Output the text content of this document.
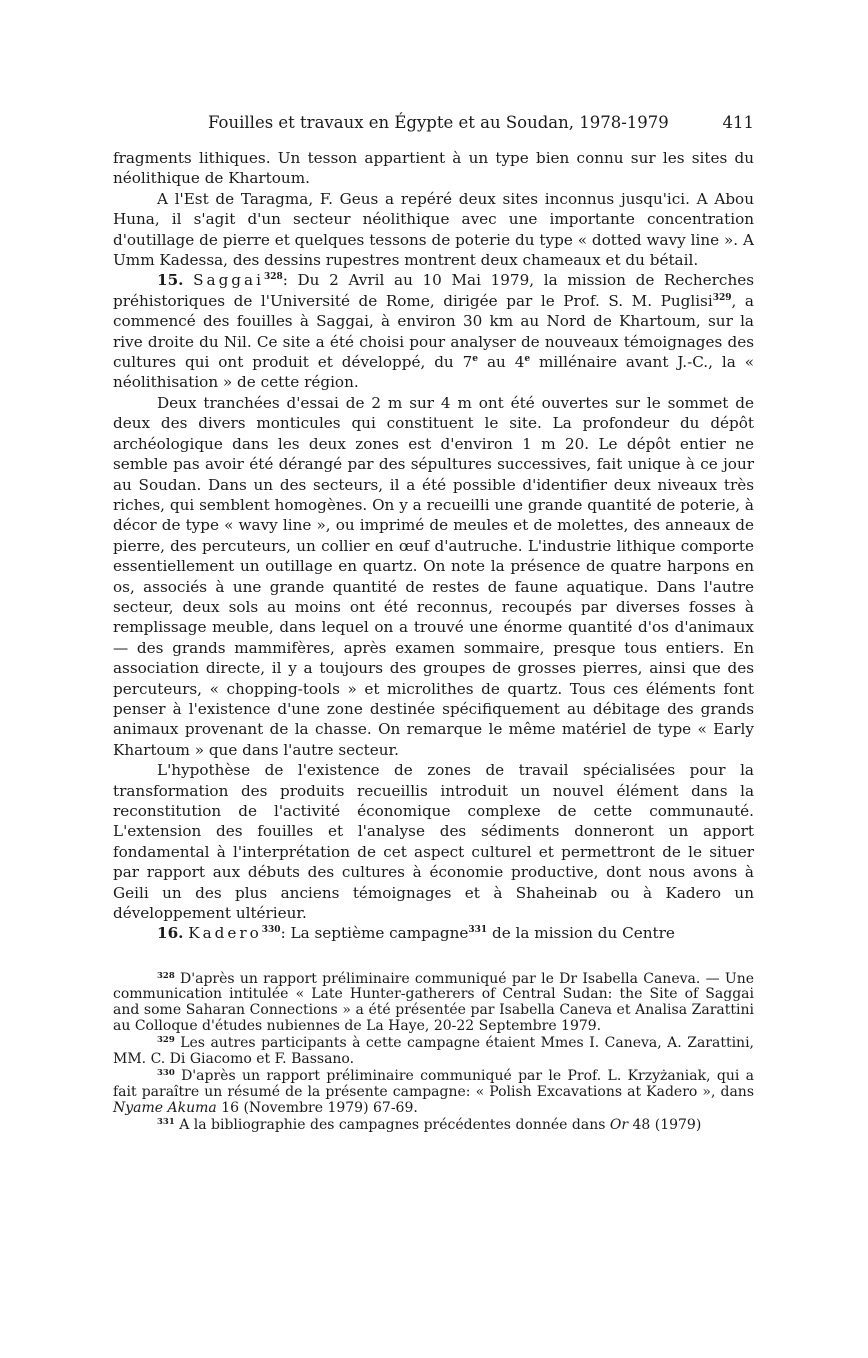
Fouilles et travaux en Égypte et au Soudan, 1978-1979	411

fragments lithiques. Un tesson appartient à un type bien connu sur les sites du néolithique de Khartoum.

A l'Est de Taragma, F. Geus a repéré deux sites inconnus jusqu'ici. A Abou Huna, il s'agit d'un secteur néolithique avec une importante concentration d'outillage de pierre et quelques tessons de poterie du type « dotted wavy line ». A Umm Kadessa, des dessins rupestres montrent deux chameaux et du bétail.

15. Saggai$^{328}$: Du 2 Avril au 10 Mai 1979, la mission de Recherches préhistoriques de l'Université de Rome, dirigée par le Prof. S. M. Puglisi$^{329}$, a commencé des fouilles à Saggai, à environ 30 km au Nord de Khartoum, sur la rive droite du Nil. Ce site a été choisi pour analyser de nouveaux témoignages des cultures qui ont produit et développé, du 7e au 4e millénaire avant J.-C., la « néolithisation » de cette région.

Deux tranchées d'essai de 2 m sur 4 m ont été ouvertes sur le sommet de deux des divers monticules qui constituent le site. La profondeur du dépôt archéologique dans les deux zones est d'environ 1 m 20. Le dépôt entier ne semble pas avoir été dérangé par des sépultures successives, fait unique à ce jour au Soudan. Dans un des secteurs, il a été possible d'identifier deux niveaux très riches, qui semblent homogènes. On y a recueilli une grande quantité de poterie, à décor de type « wavy line », ou imprimé de meules et de molettes, des anneaux de pierre, des percuteurs, un collier en œuf d'autruche. L'industrie lithique comporte essentiellement un outillage en quartz. On note la présence de quatre harpons en os, associés à une grande quantité de restes de faune aquatique. Dans l'autre secteur, deux sols au moins ont été reconnus, recoupés par diverses fosses à remplissage meuble, dans lequel on a trouvé une énorme quantité d'os d'animaux — des grands mammifères, après examen sommaire, presque tous entiers. En association directe, il y a toujours des groupes de grosses pierres, ainsi que des percuteurs, « chopping-tools » et microlithes de quartz. Tous ces éléments font penser à l'existence d'une zone destinée spécifiquement au débitage des grands animaux provenant de la chasse. On remarque le même matériel de type « Early Khartoum » que dans l'autre secteur.

L'hypothèse de l'existence de zones de travail spécialisées pour la transformation des produits recueillis introduit un nouvel élément dans la reconstitution de l'activité économique complexe de cette communauté. L'extension des fouilles et l'analyse des sédiments donneront un apport fondamental à l'interprétation de cet aspect culturel et permettront de le situer par rapport aux débuts des cultures à économie productive, dont nous avons à Geili un des plus anciens témoignages et à Shaheinab ou à Kadero un développement ultérieur.

16. Kadero$^{330}$: La septième campagne$^{331}$ de la mission du Centre

$^{328}$ D'après un rapport préliminaire communiqué par le Dr Isabella Caneva. — Une communication intitulée « Late Hunter-gatherers of Central Sudan: the Site of Saggai and some Saharan Connections » a été présentée par Isabella Caneva et Analisa Zarattini au Colloque d'études nubiennes de La Haye, 20-22 Septembre 1979.

$^{329}$ Les autres participants à cette campagne étaient Mmes I. Caneva, A. Zarattini, MM. C. Di Giacomo et F. Bassano.

$^{330}$ D'après un rapport préliminaire communiqué par le Prof. L. Krzyżaniak, qui a fait paraître un résumé de la présente campagne: « Polish Excavations at Kadero », dans Nyame Akuma 16 (Novembre 1979) 67-69.

$^{331}$ A la bibliographie des campagnes précédentes donnée dans Or 48 (1979)
